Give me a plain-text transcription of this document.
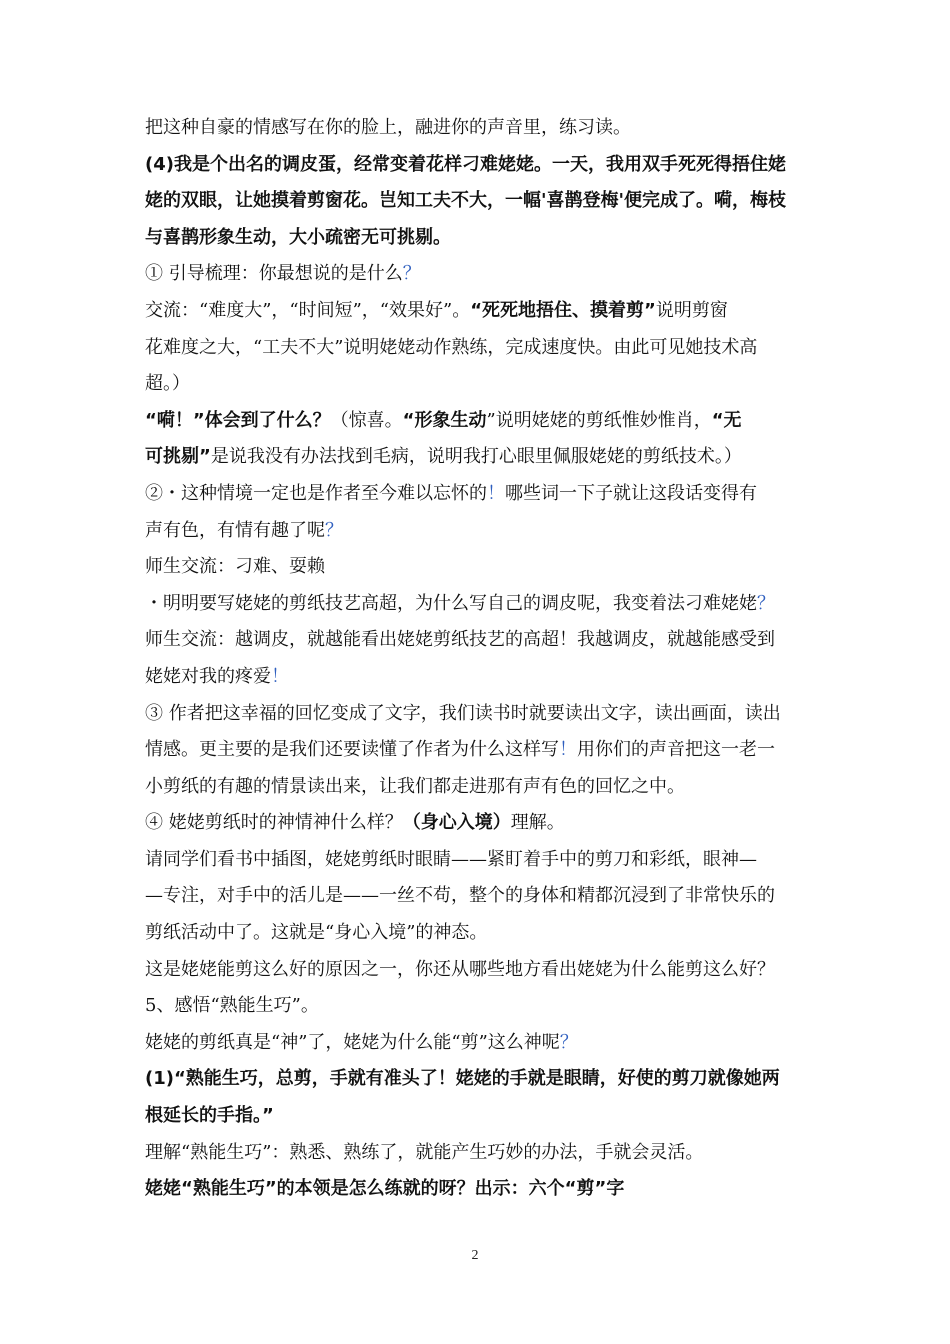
把这种自豪的情感写在你的脸上，融进你的声音里，练习读。
(4)我是个出名的调皮蛋，经常变着花样刁难姥姥。一天，我用双手死死得捂住姥
姥的双眼，让她摸着剪窗花。岂知工夫不大，一幅'喜鹊登梅'便完成了。嗬，梅枝
与喜鹊形象生动，大小疏密无可挑剔。
① 引导梳理：你最想说的是什么？
交流：“难度大”，“时间短”，“效果好”。“死死地捂住、摸着剪”说明剪窗
花难度之大，“工夫不大”说明姥姥动作熟练，完成速度快。由此可见她技术高
超。）
“嗬！”体会到了什么？（惊喜。“形象生动”说明姥姥的剪纸惟妙惟肖，“无
可挑剔”是说我没有办法找到毛病，说明我打心眼里佩服姥姥的剪纸技术。）
②・这种情境一定也是作者至今难以忘怀的！哪些词一下子就让这段话变得有
声有色，有情有趣了呢？
师生交流：刁难、耍赖
・明明要写姥姥的剪纸技艺高超，为什么写自己的调皮呢，我变着法刁难姥姥？
师生交流：越调皮，就越能看出姥姥剪纸技艺的高超！我越调皮，就越能感受到
姥姥对我的疼爱！
③ 作者把这幸福的回忆变成了文字，我们读书时就要读出文字，读出画面，读出
情感。更主要的是我们还要读懂了作者为什么这样写！用你们的声音把这一老一
小剪纸的有趣的情景读出来，让我们都走进那有声有色的回忆之中。
④ 姥姥剪纸时的神情神什么样？（身心入境）理解。
请同学们看书中插图，姥姥剪纸时眼睛——紧盯着手中的剪刀和彩纸，眼神—
—专注，对手中的活儿是——一丝不苟，整个的身体和精都沉浸到了非常快乐的
剪纸活动中了。这就是“身心入境”的神态。
这是姥姥能剪这么好的原因之一，你还从哪些地方看出姥姥为什么能剪这么好？
5、感悟“熟能生巧”。
姥姥的剪纸真是“神”了，姥姥为什么能“剪”这么神呢？
(1)“熟能生巧，总剪，手就有准头了！姥姥的手就是眼睛，好使的剪刀就像她两
根延长的手指。”
理解“熟能生巧”：熟悉、熟练了，就能产生巧妙的办法，手就会灵活。
姥姥“熟能生巧”的本领是怎么练就的呀？出示：六个“剪”字
2
